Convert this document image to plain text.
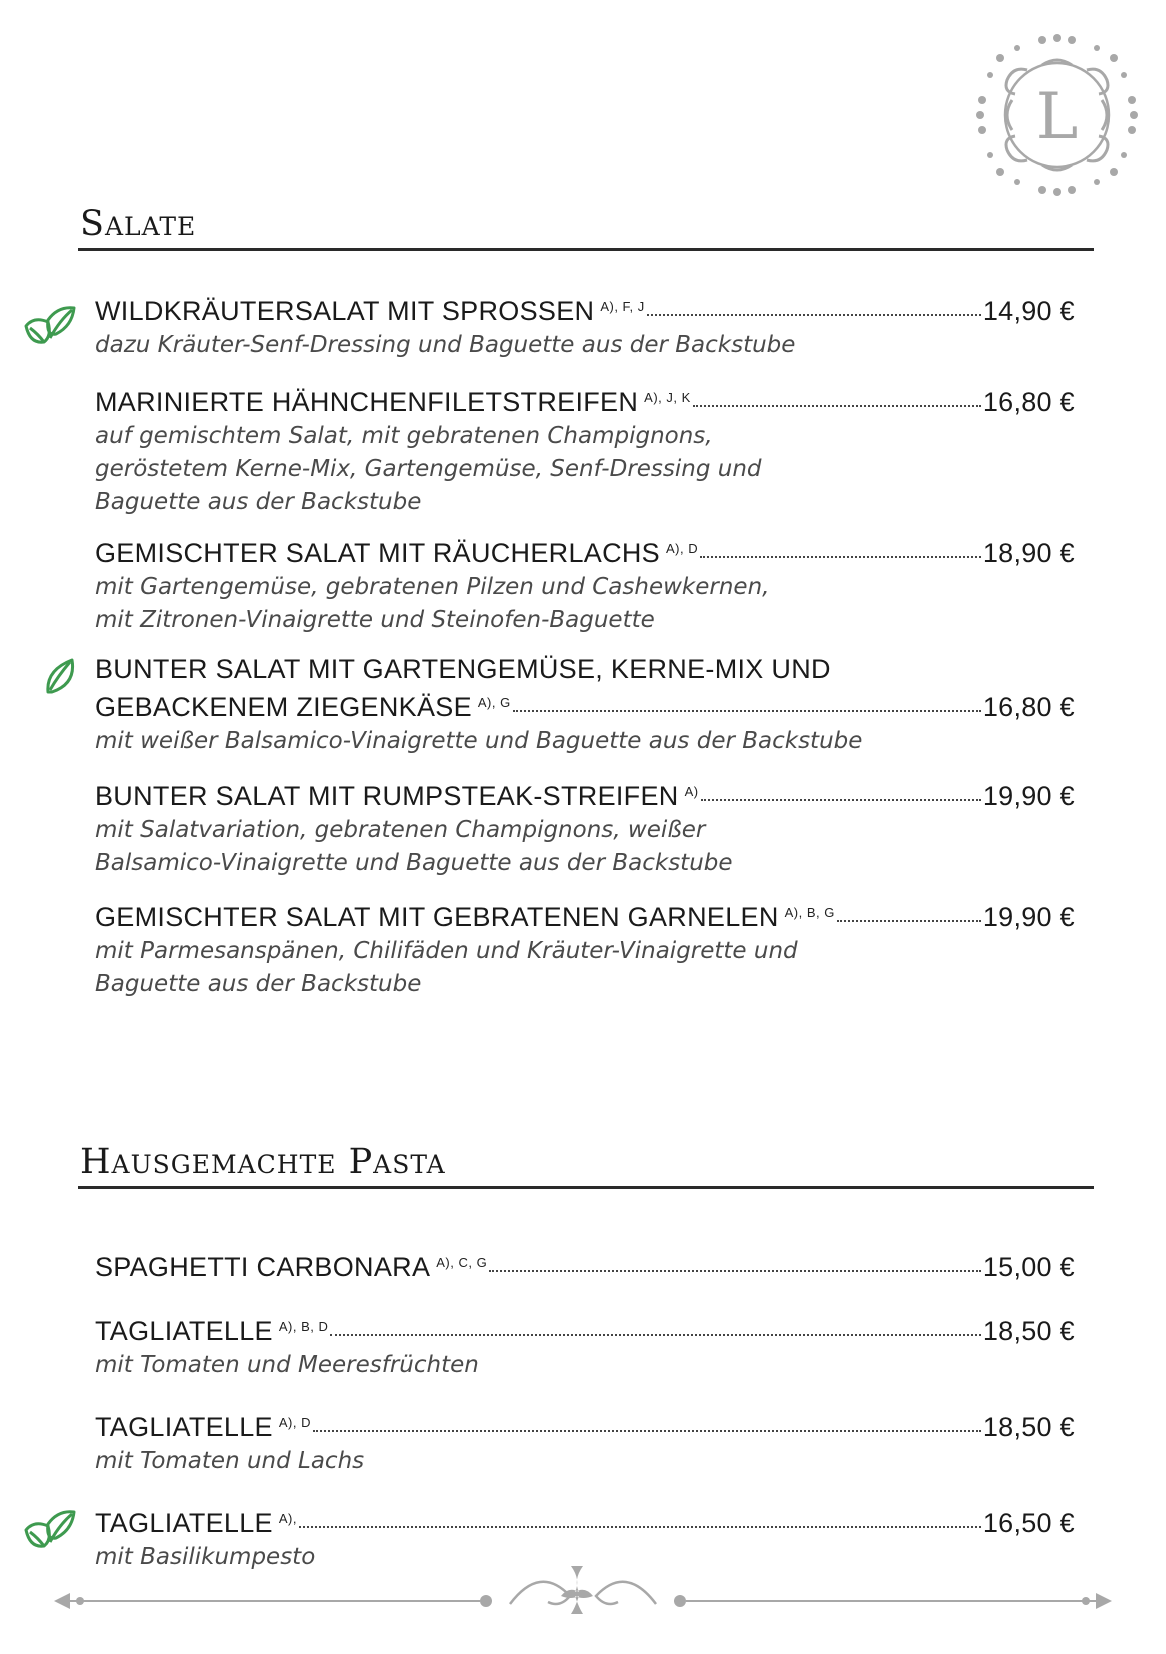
L
Salate
WILDKRÄUTERSALAT MIT SPROSSEN $^{A), F, J}$	14,90 €
dazu Kräuter-Senf-Dressing und Baguette aus der Backstube
MARINIERTE HÄHNCHENFILETSTREIFEN $^{A), J, K}$	16,80 €
auf gemischtem Salat, mit gebratenen Champignons,
geröstetem Kerne-Mix, Gartengemüse, Senf-Dressing und
Baguette aus der Backstube
GEMISCHTER SALAT MIT RÄUCHERLACHS $^{A), D}$	18,90 €
mit Gartengemüse, gebratenen Pilzen und Cashewkernen,
mit Zitronen-Vinaigrette und Steinofen-Baguette
BUNTER SALAT MIT GARTENGEMÜSE, KERNE-MIX UND
GEBACKENEM ZIEGENKÄSE $^{A), G}$	16,80 €
mit weißer Balsamico-Vinaigrette und Baguette aus der Backstube
BUNTER SALAT MIT RUMPSTEAK-STREIFEN $^{A)}$	19,90 €
mit Salatvariation, gebratenen Champignons, weißer
Balsamico-Vinaigrette und Baguette aus der Backstube
GEMISCHTER SALAT MIT GEBRATENEN GARNELEN $^{A), B, G}$	19,90 €
mit Parmesanspänen, Chilifäden und Kräuter-Vinaigrette und
Baguette aus der Backstube
Hausgemachte Pasta
SPAGHETTI CARBONARA $^{A), C, G}$	15,00 €
TAGLIATELLE $^{A), B, D}$	18,50 €
mit Tomaten und Meeresfrüchten
TAGLIATELLE $^{A), D}$	18,50 €
mit Tomaten und Lachs
TAGLIATELLE $^{A),}$	16,50 €
mit Basilikumpesto
